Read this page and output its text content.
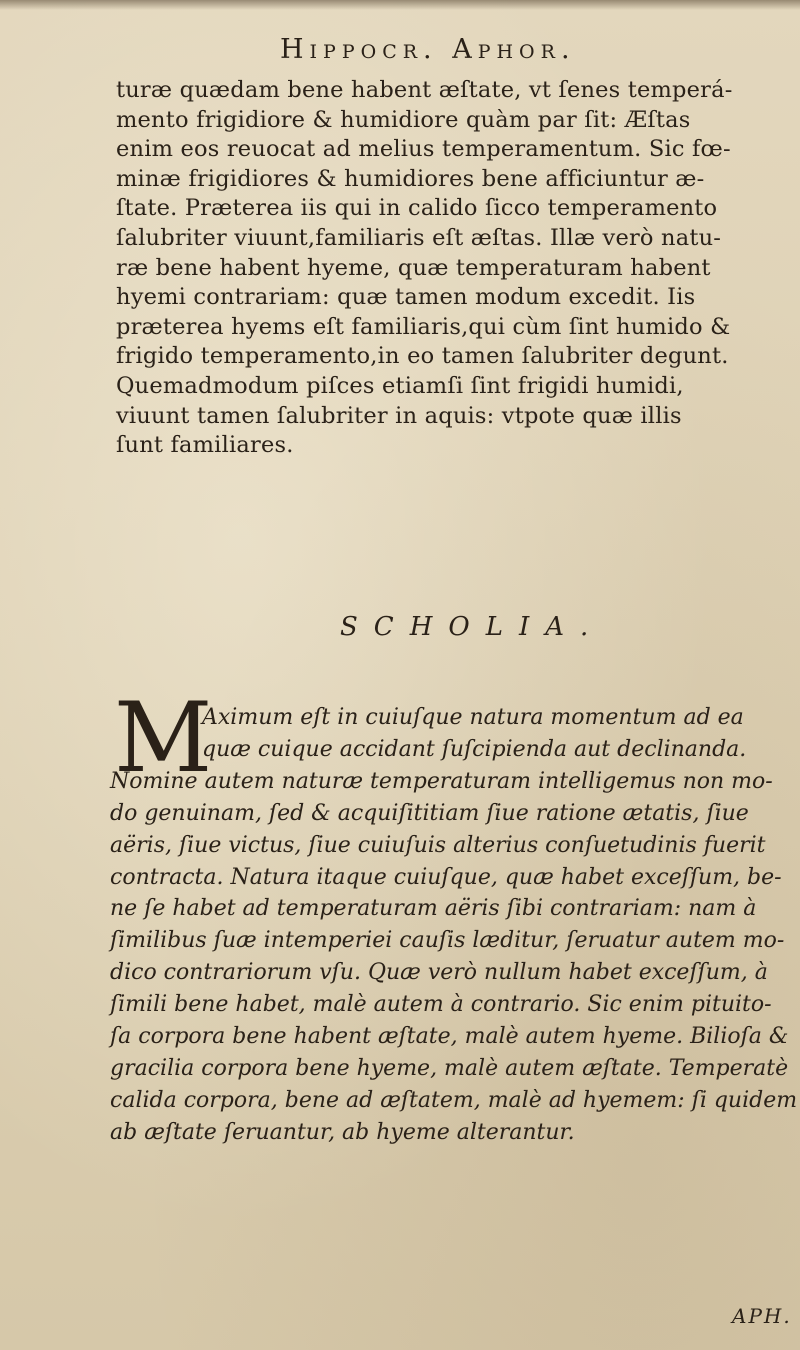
Hippocr. Aphor.
turæ quædam bene habent æſtate, vt ſenes temperá-
mento frigidiore & humidiore quàm par ſit: Æſtas
enim eos reuocat ad melius temperamentum. Sic fœ-
minæ frigidiores & humidiores bene afficiuntur æ-
ſtate. Præterea iis qui in calido ſicco temperamento
ſalubriter viuunt,familiaris eſt æſtas. Illæ verò natu-
ræ bene habent hyeme, quæ temperaturam habent
hyemi contrariam: quæ tamen modum excedit. Iis
præterea hyems eſt familiaris,qui cùm ſint humido &
frigido temperamento,in eo tamen ſalubriter degunt.
Quemadmodum piſces etiamſi ſint frigidi humidi,
viuunt tamen ſalubriter in aquis: vtpote quæ illis
ſunt familiares.
SCHOLIA.
M
Aximum eſt in cuiuſque natura momentum ad ea
quæ cuique accidant ſuſcipienda aut declinanda.
Nomine autem naturæ temperaturam intelligemus non mo-
do genuinam, ſed & acquiſititiam ſiue ratione ætatis, ſiue
aëris, ſiue victus, ſiue cuiuſuis alterius conſuetudinis fuerit
contracta. Natura itaque cuiuſque, quæ habet exceſſum, be-
ne ſe habet ad temperaturam aëris ſibi contrariam: nam à
ſimilibus ſuæ intemperiei cauſis læditur, ſeruatur autem mo-
dico contrariorum vſu. Quæ verò nullum habet exceſſum, à
ſimili bene habet, malè autem à contrario. Sic enim pituito-
ſa corpora bene habent æſtate, malè autem hyeme. Bilioſa &
gracilia corpora bene hyeme, malè autem æſtate. Temperatè
calida corpora, bene ad æſtatem, malè ad hyemem: ſi quidem
ab æſtate ſeruantur, ab hyeme alterantur.
APH.
